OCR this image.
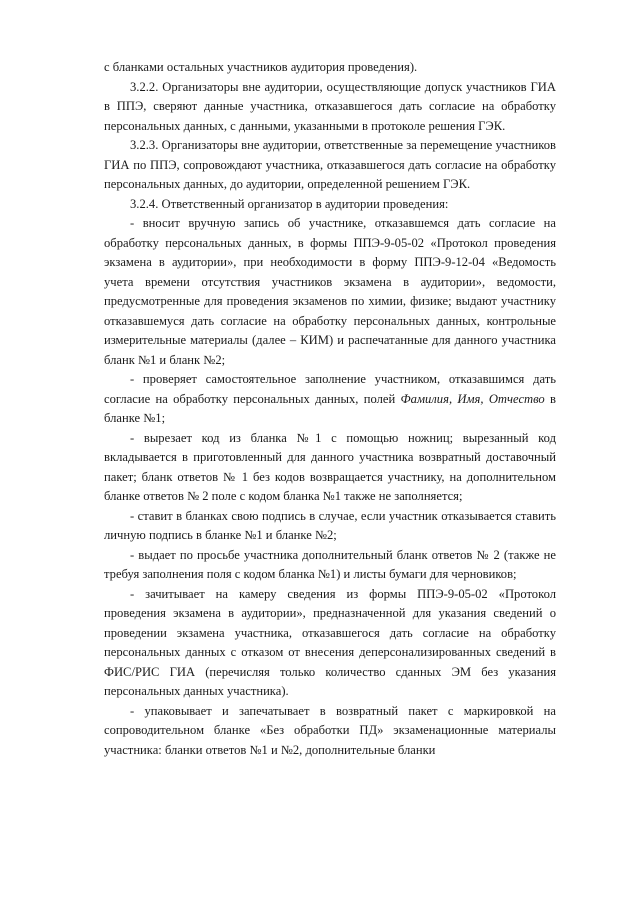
с бланками остальных участников аудитория проведения).

3.2.2. Организаторы вне аудитории, осуществляющие допуск участников ГИА в ППЭ, сверяют данные участника, отказавшегося дать согласие на обработку персональных данных, с данными, указанными в протоколе решения ГЭК.

3.2.3. Организаторы вне аудитории, ответственные за перемещение участников ГИА по ППЭ, сопровождают участника, отказавшегося дать согласие на обработку персональных данных, до аудитории, определенной решением ГЭК.

3.2.4. Ответственный организатор в аудитории проведения:

- вносит вручную запись об участнике, отказавшемся дать согласие на обработку персональных данных, в формы ППЭ-9-05-02 «Протокол проведения экзамена в аудитории», при необходимости в форму ППЭ-9-12-04 «Ведомость учета времени отсутствия участников экзамена в аудитории», ведомости, предусмотренные для проведения экзаменов по химии, физике; выдают участнику отказавшемуся дать согласие на обработку персональных данных, контрольные измерительные материалы (далее – КИМ) и распечатанные для данного участника бланк №1 и бланк №2;

- проверяет самостоятельное заполнение участником, отказавшимся дать согласие на обработку персональных данных, полей Фамилия, Имя, Отчество в бланке №1;

- вырезает код из бланка №1 с помощью ножниц; вырезанный код вкладывается в приготовленный для данного участника возвратный доставочный пакет; бланк ответов № 1 без кодов возвращается участнику, на дополнительном бланке ответов № 2 поле с кодом бланка №1 также не заполняется;

- ставит в бланках свою подпись в случае, если участник отказывается ставить личную подпись в бланке №1 и бланке №2;

- выдает по просьбе участника дополнительный бланк ответов № 2 (также не требуя заполнения поля с кодом бланка №1) и листы бумаги для черновиков;

- зачитывает на камеру сведения из формы ППЭ-9-05-02 «Протокол проведения экзамена в аудитории», предназначенной для указания сведений о проведении экзамена участника, отказавшегося дать согласие на обработку персональных данных с отказом от внесения деперсонализированных сведений в ФИС/РИС ГИА (перечисляя только количество сданных ЭМ без указания персональных данных участника).

- упаковывает и запечатывает в возвратный пакет с маркировкой на сопроводительном бланке «Без обработки ПД» экзаменационные материалы участника: бланки ответов №1 и №2, дополнительные бланки
